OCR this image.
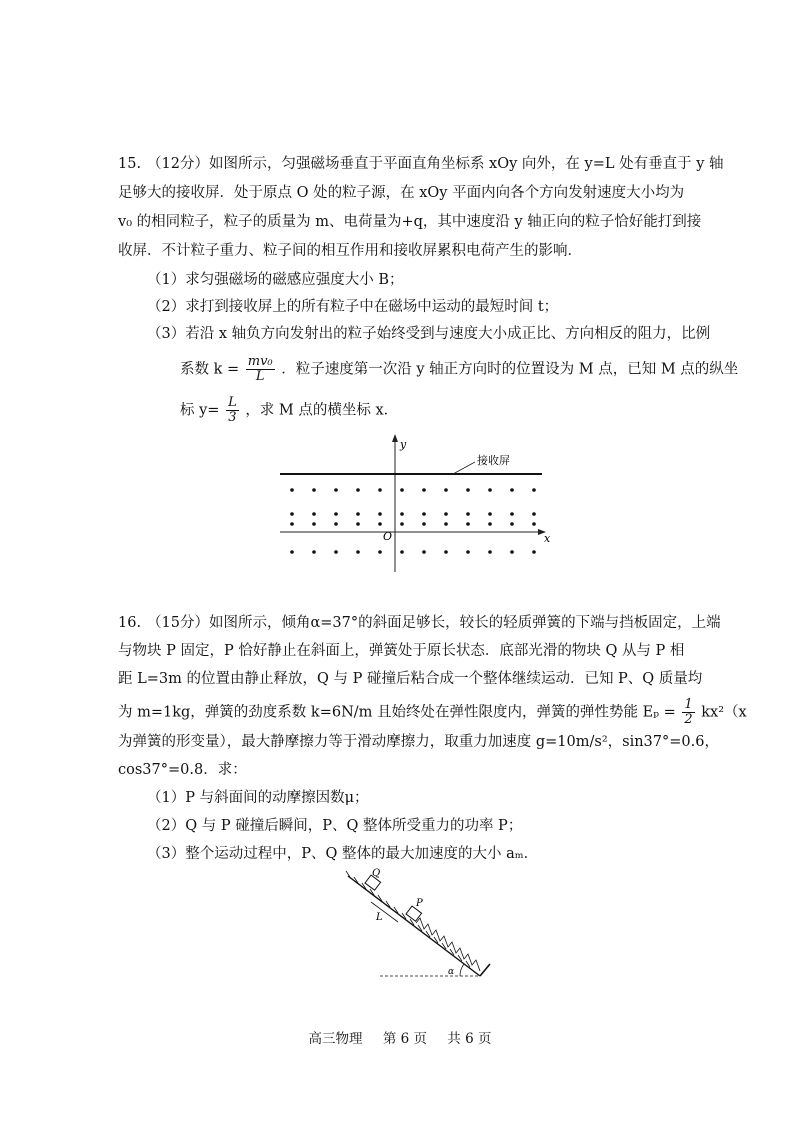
15. （12分）如图所示，匀强磁场垂直于平面直角坐标系 xOy 向外，在 y=L 处有垂直于 y 轴
足够大的接收屏．处于原点 O 处的粒子源，在 xOy 平面内向各个方向发射速度大小均为
v₀ 的相同粒子，粒子的质量为 m、电荷量为+q，其中速度沿 y 轴正向的粒子恰好能打到接
收屏．不计粒子重力、粒子间的相互作用和接收屏累积电荷产生的影响．
（1）求匀强磁场的磁感应强度大小 B；
（2）求打到接收屏上的所有粒子中在磁场中运动的最短时间 t；
（3）若沿 x 轴负方向发射出的粒子始终受到与速度大小成正比、方向相反的阻力，比例
系数 $k = \frac{\text{mv₀}}{L}$ ．粒子速度第一次沿 y 轴正方向时的位置设为 M 点，已知 M 点的纵坐
标 $y= \frac{L}{3}$ ，求 M 点的横坐标 x．
y
x
O
接收屏
16. （15分）如图所示，倾角α=37°的斜面足够长，较长的轻质弹簧的下端与挡板固定，上端
与物块 P 固定，P 恰好静止在斜面上，弹簧处于原长状态．底部光滑的物块 Q 从与 P 相
距 L=3m 的位置由静止释放，Q 与 P 碰撞后粘合成一个整体继续运动．已知 P、Q 质量均
为 m=1kg，弹簧的劲度系数 k=6N/m 且始终处在弹性限度内，弹簧的弹性势能 $E_p = \frac{1}{2} kx^2(x$
为弹簧的形变量），最大静摩擦力等于滑动摩擦力，取重力加速度 g=10m/s²，sin37°=0.6，
cos37°=0.8．求：
（1）P 与斜面间的动摩擦因数μ；
（2）Q 与 P 碰撞后瞬间，P、Q 整体所受重力的功率 P；
（3）整个运动过程中，P、Q 整体的最大加速度的大小 aₘ．
α
Q
P
L
高三物理 第 6 页 共 6 页
